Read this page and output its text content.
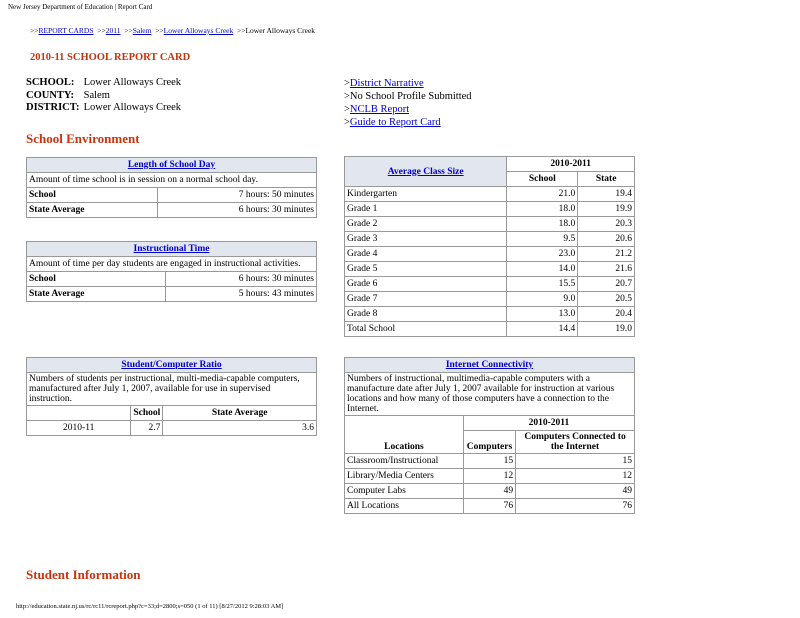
New Jersey Department of Education | Report Card
>>REPORT CARDS >>2011 >>Salem >>Lower Alloways Creek >>Lower Alloways Creek
2010-11 SCHOOL REPORT CARD
SCHOOL: Lower Alloways Creek
COUNTY: Salem
DISTRICT: Lower Alloways Creek
>District Narrative
>No School Profile Submitted
>NCLB Report
>Guide to Report Card
School Environment
Length of School Day	
Amount of time school is in session on a normal school day.	
School	7 hours: 50 minutes
State Average	6 hours: 30 minutes
Instructional Time	
Amount of time per day students are engaged in instructional activities.	
School	6 hours: 30 minutes
State Average	5 hours: 43 minutes
Average Class Size	2010-2011	
	School	State
Kindergarten	21.0	19.4
Grade 1	18.0	19.9
Grade 2	18.0	20.3
Grade 3	9.5	20.6
Grade 4	23.0	21.2
Grade 5	14.0	21.6
Grade 6	15.5	20.7
Grade 7	9.0	20.5
Grade 8	13.0	20.4
Total School	14.4	19.0
Student/Computer Ratio		
Numbers of students per instructional, multi-media-capable computers, manufactured after July 1, 2007, available for use in supervised instruction.		
	School	State Average
2010-11	2.7	3.6
Internet Connectivity		
Numbers of instructional, multimedia-capable computers with a manufacture date after July 1, 2007 available for instruction at various locations and how many of those computers have a connection to the Internet.		
Locations	2010-2011	
	Computers	Computers Connected to the Internet
Classroom/Instructional	15	15
Library/Media Centers	12	12
Computer Labs	49	49
All Locations	76	76
Student Information
http://education.state.nj.us/rc/rc11/rcreport.php?c=33;d=2800;s=050 (1 of 11) [8/27/2012 9:28:03 AM]
